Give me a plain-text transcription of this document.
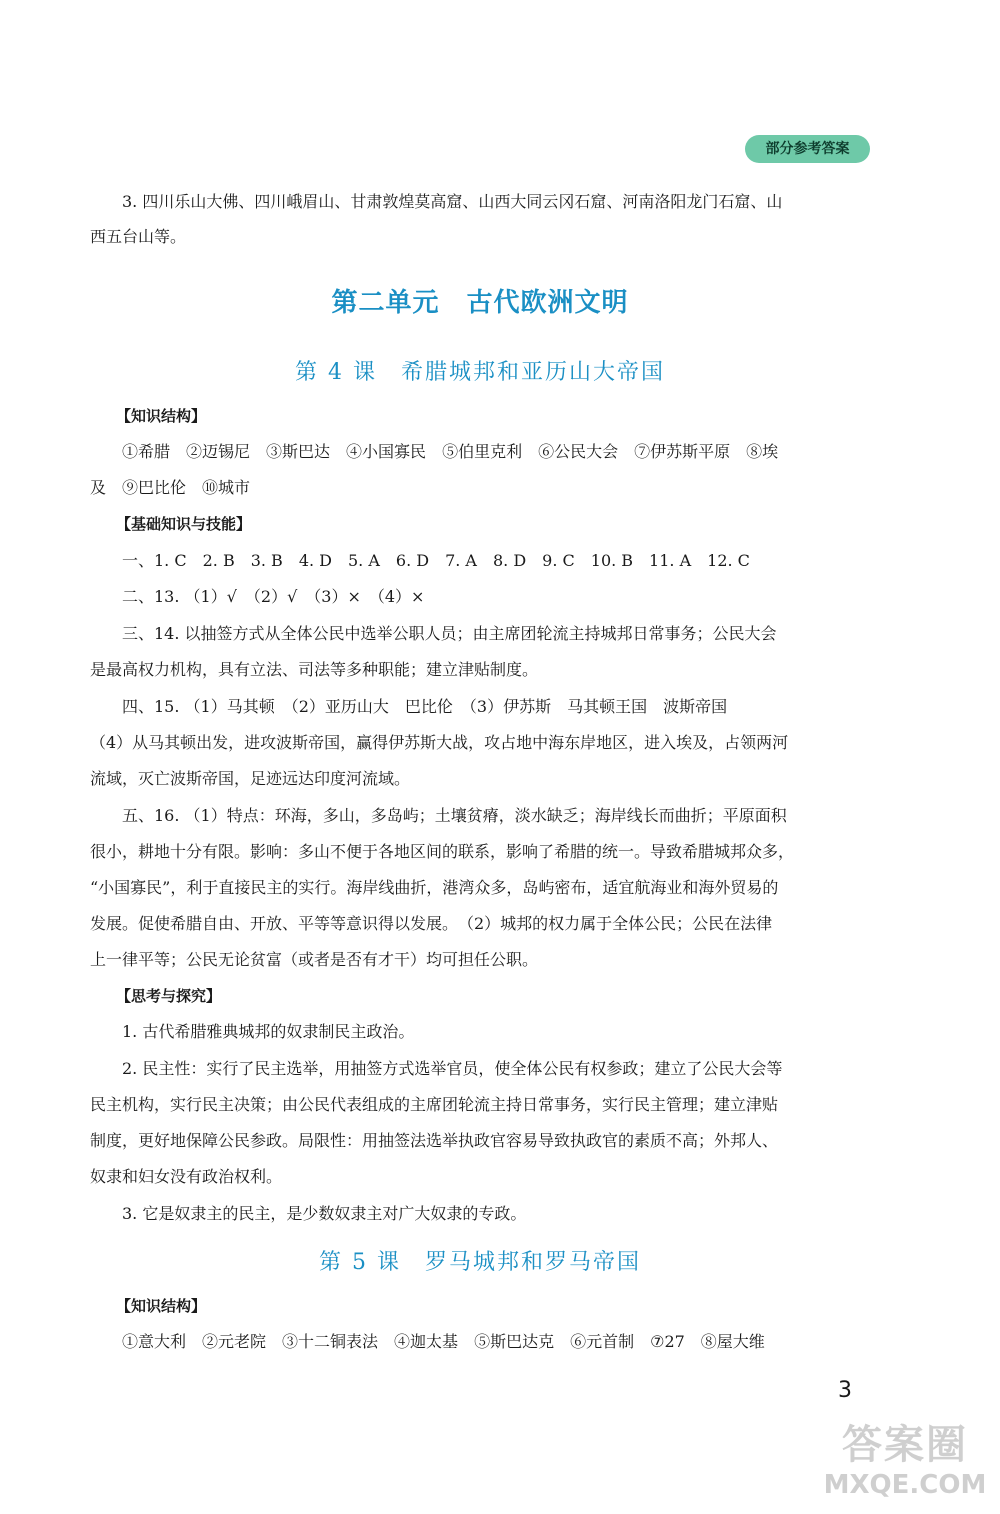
部分参考答案
3. 四川乐山大佛、四川峨眉山、甘肃敦煌莫高窟、山西大同云冈石窟、河南洛阳龙门石窟、山
西五台山等。
第二单元　古代欧洲文明
第 4 课　希腊城邦和亚历山大帝国
【知识结构】
①希腊 ②迈锡尼 ③斯巴达 ④小国寡民 ⑤伯里克利 ⑥公民大会 ⑦伊苏斯平原 ⑧埃
及　⑨巴比伦　⑩城市
【基础知识与技能】
一、1. C　2. B　3. B　4. D　5. A　6. D　7. A　8. D　9. C　10. B　11. A　12. C
二、13. （1）√　（2）√　（3）×　（4）×
三、14. 以抽签方式从全体公民中选举公职人员；由主席团轮流主持城邦日常事务；公民大会
是最高权力机构，具有立法、司法等多种职能；建立津贴制度。
四、15. （1）马其顿　（2）亚历山大　巴比伦　（3）伊苏斯　马其顿王国　波斯帝国
（4）从马其顿出发，进攻波斯帝国，赢得伊苏斯大战，攻占地中海东岸地区，进入埃及，占领两河
流域，灭亡波斯帝国，足迹远达印度河流域。
五、16. （1）特点：环海，多山，多岛屿；土壤贫瘠，淡水缺乏；海岸线长而曲折；平原面积
很小，耕地十分有限。影响：多山不便于各地区间的联系，影响了希腊的统一。导致希腊城邦众多，
“小国寡民”，利于直接民主的实行。海岸线曲折，港湾众多，岛屿密布，适宜航海业和海外贸易的
发展。促使希腊自由、开放、平等等意识得以发展。　（2）城邦的权力属于全体公民；公民在法律
上一律平等；公民无论贫富（或者是否有才干）均可担任公职。
【思考与探究】
1. 古代希腊雅典城邦的奴隶制民主政治。
2. 民主性：实行了民主选举，用抽签方式选举官员，使全体公民有权参政；建立了公民大会等
民主机构，实行民主决策；由公民代表组成的主席团轮流主持日常事务，实行民主管理；建立津贴
制度，更好地保障公民参政。局限性：用抽签法选举执政官容易导致执政官的素质不高；外邦人、
奴隶和妇女没有政治权利。
3. 它是奴隶主的民主，是少数奴隶主对广大奴隶的专政。
第 5 课　罗马城邦和罗马帝国
【知识结构】
①意大利 ②元老院 ③十二铜表法 ④迦太基 ⑤斯巴达克 ⑥元首制 ⑦27 ⑧屋大维
3
答案圈
MXQE.COM
